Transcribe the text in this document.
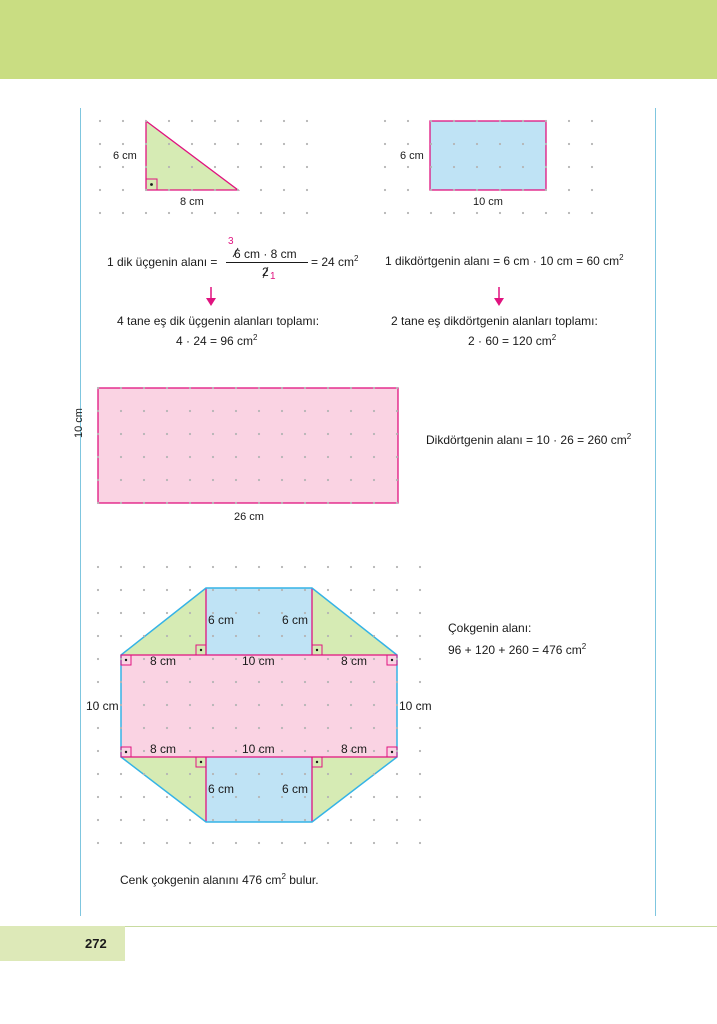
6 cm
8 cm
6 cm
10 cm
1 dik üçgenin alanı =
3
6 cm · 8 cm
2 1
= 24 $cm^2$ 1 dikdörtgenin alanı = 6 cm · 10 cm = 60 $cm^2$
4 tane eş dik üçgenin alanları toplamı:
4 · 24 = 96 $cm^2$
2 tane eş dikdörtgenin alanları toplamı:
2 · 60 = 120 $cm^2$
10 cm
26 cm
Dikdörtgenin alanı = 10 · 26 = 260 $cm^2$
6 cm	6 cm
8 cm	10 cm	8 cm
10 cm	10 cm
8 cm	10 cm	8 cm
6 cm	6 cm
Çokgenin alanı:
96 + 120 + 260 = 476 $cm^2$
Cenk çokgenin alanını 476 $cm^2$ bulur.
272
